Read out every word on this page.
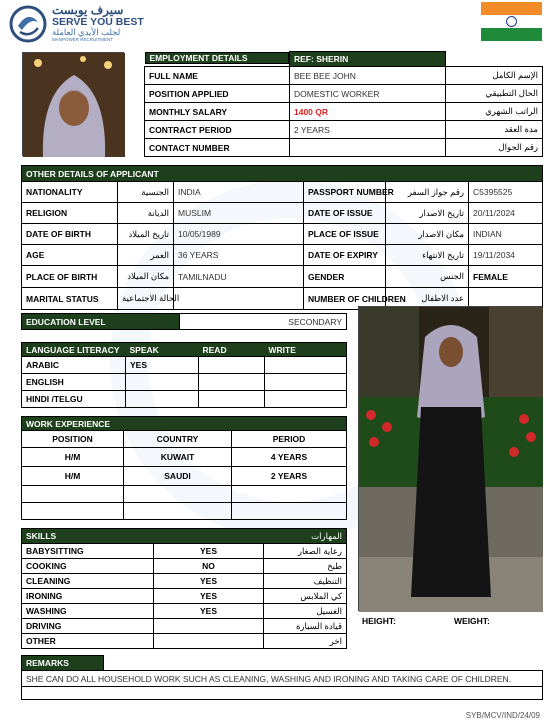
سيرف يوبست
SERVE YOU BEST
لجلب الأيدي العاملة
MANPOWER RECRUITMENT
EMPLOYMENT DETAILS	REF: SHERIN	
FULL NAME	BEE BEE JOHN	الإسم الكامل
POSITION APPLIED	DOMESTIC WORKER	الحال التطبيقي
MONTHLY SALARY	1400 QR	الراتب الشهري
CONTRACT PERIOD	2 YEARS	مدة العقد
CONTACT NUMBER		رقم الجوال
OTHER DETAILS OF APPLICANT					
NATIONALITY	الجنسية	INDIA	PASSPORT NUMBER	رقم جواز السفر	C5395525
RELIGION	الديانة	MUSLIM	DATE OF ISSUE	تاريخ الاصدار	20/11/2024
DATE OF BIRTH	تاريخ الميلاد	10/05/1989	PLACE OF ISSUE	مكان الاصدار	INDIAN
AGE	العمر	36 YEARS	DATE OF EXPIRY	تاريخ الانتهاء	19/11/2034
PLACE OF BIRTH	مكان الميلاد	TAMILNADU	GENDER	الجنس	FEMALE
MARITAL STATUS	الحالة الاجتماعية		NUMBER OF CHILDREN	عدد الاطفال	
EDUCATION LEVEL	SECONDARY
LANGUAGE LITERACY	SPEAK	READ	WRITE
ARABIC	YES		
ENGLISH			
HINDI /TELGU			
WORK EXPERIENCE		
POSITION	COUNTRY	PERIOD
H/M	KUWAIT	4 YEARS
H/M	SAUDI	2 YEARS

SKILLS		المهارات
BABYSITTING	YES	رعاية الصغار
COOKING	NO	طبخ
CLEANING	YES	التنظيف
IRONING	YES	كي الملابس
WASHING	YES	الغسيل
DRIVING		قيادة السيارة
OTHER		اخر
HEIGHT:	WEIGHT:
REMARKS	
SHE CAN DO ALL HOUSEHOLD WORK SUCH AS CLEANING, WASHING AND IRONING AND TAKING CARE OF CHILDREN.

SYB/MCV/IND/24/09
